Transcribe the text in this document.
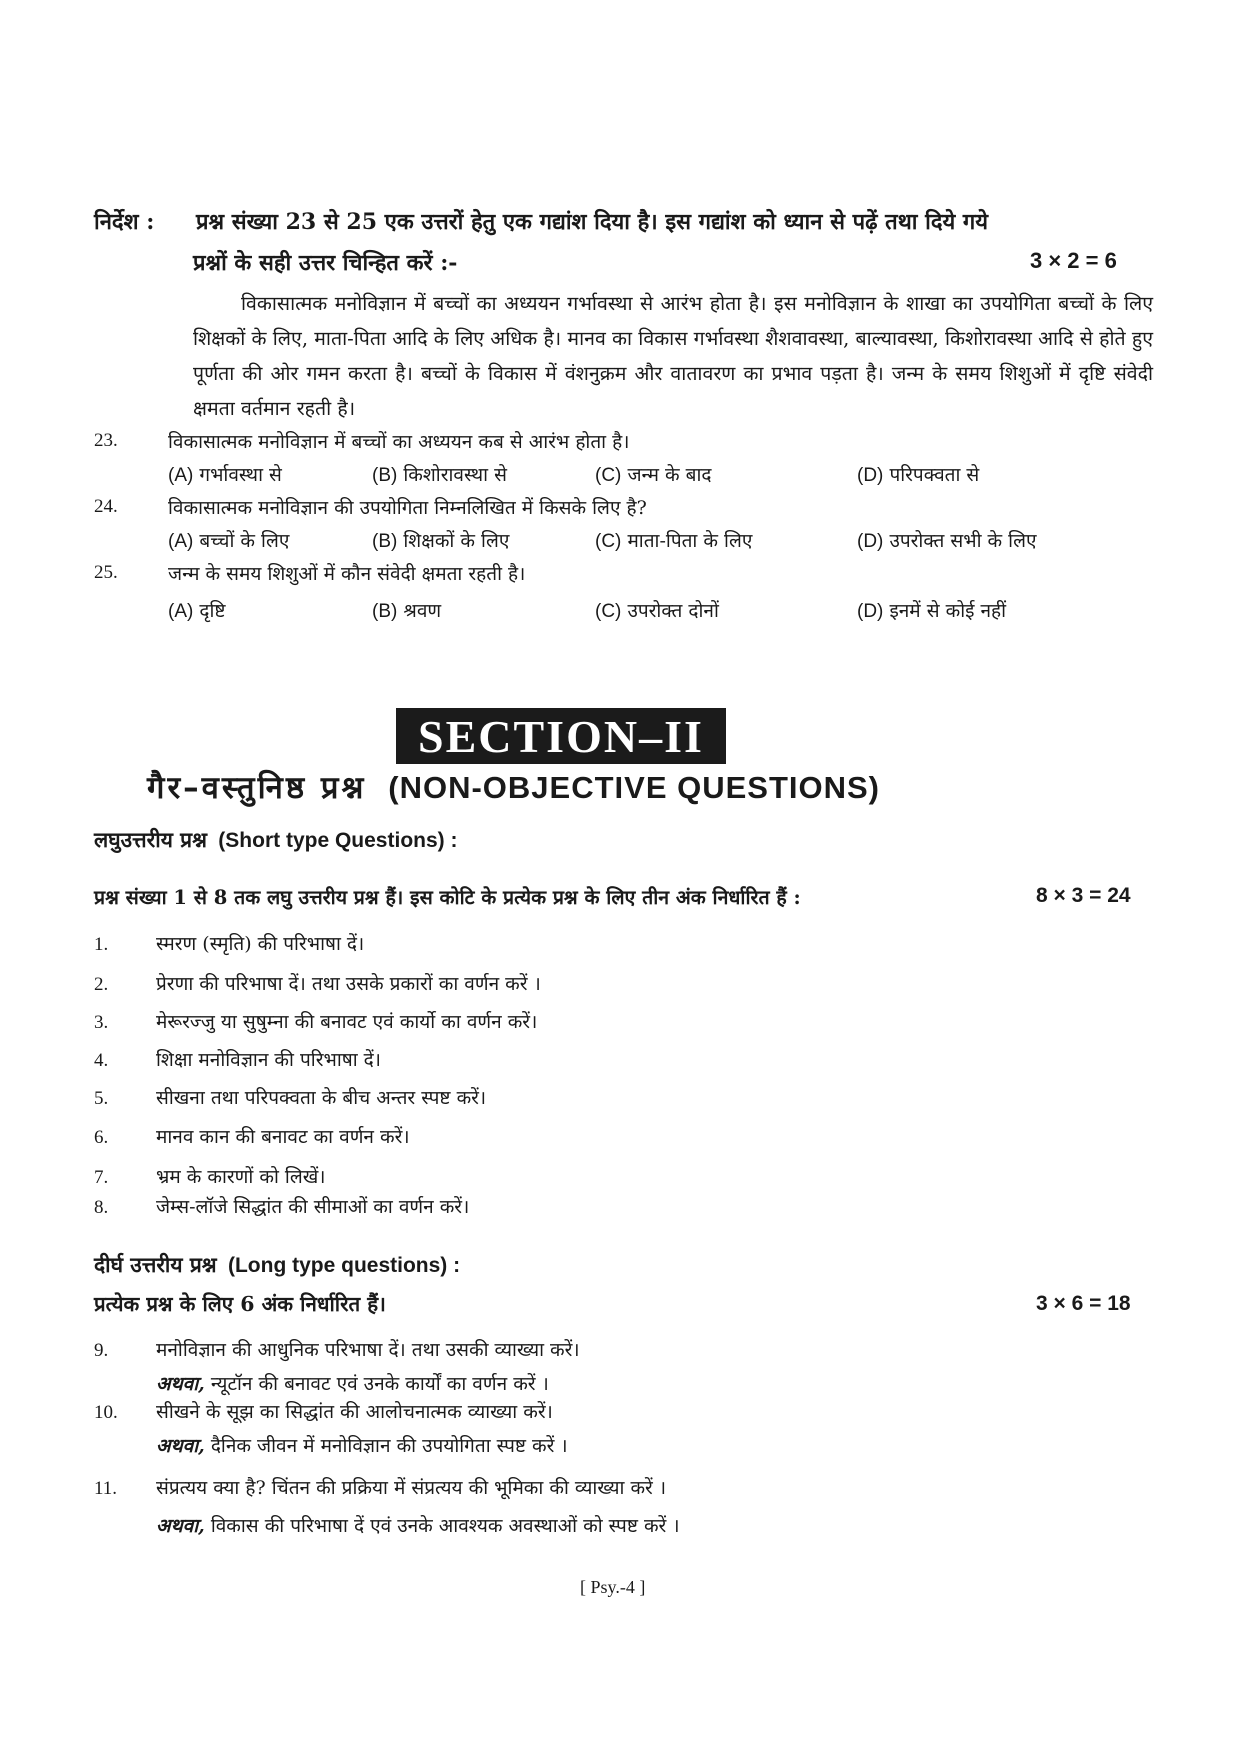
निर्देश : प्रश्न संख्या 23 से 25 एक उत्तरों हेतु एक गद्यांश दिया है। इस गद्यांश को ध्यान से पढ़ें तथा दिये गये
प्रश्नों के सही उत्तर चिन्हित करें :-	3 × 2 = 6
विकासात्मक मनोविज्ञान में बच्चों का अध्ययन गर्भावस्था से आरंभ होता है। इस मनोविज्ञान के शाखा का उपयोगिता बच्चों के लिए शिक्षकों के लिए, माता-पिता आदि के लिए अधिक है। मानव का विकास गर्भावस्था शैशवावस्था, बाल्यावस्था, किशोरावस्था आदि से होते हुए पूर्णता की ओर गमन करता है। बच्चों के विकास में वंशनुक्रम और वातावरण का प्रभाव पड़ता है। जन्म के समय शिशुओं में दृष्टि संवेदी क्षमता वर्तमान रहती है।
23.	विकासात्मक मनोविज्ञान में बच्चों का अध्ययन कब से आरंभ होता है।
(A) गर्भावस्था से	(B) किशोरावस्था से	(C) जन्म के बाद	(D) परिपक्वता से
24.	विकासात्मक मनोविज्ञान की उपयोगिता निम्नलिखित में किसके लिए है?
(A) बच्चों के लिए	(B) शिक्षकों के लिए	(C) माता-पिता के लिए	(D) उपरोक्त सभी के लिए
25.	जन्म के समय शिशुओं में कौन संवेदी क्षमता रहती है।
(A) दृष्टि	(B) श्रवण	(C) उपरोक्त दोनों	(D) इनमें से कोई नहीं
SECTION–II
गैर–वस्तुनिष्ठ प्रश्न (NON-OBJECTIVE QUESTIONS)
लघुउत्तरीय प्रश्न (Short type Questions) :
प्रश्न संख्या 1 से 8 तक लघु उत्तरीय प्रश्न हैं। इस कोटि के प्रत्येक प्रश्न के लिए तीन अंक निर्धारित हैं :	8 × 3 = 24
1.	स्मरण (स्मृति) की परिभाषा दें।
2.	प्रेरणा की परिभाषा दें। तथा उसके प्रकारों का वर्णन करें ।
3.	मेरूरज्जु या सुषुम्ना की बनावट एवं कार्यो का वर्णन करें।
4.	शिक्षा मनोविज्ञान की परिभाषा दें।
5.	सीखना तथा परिपक्वता के बीच अन्तर स्पष्ट करें।
6.	मानव कान की बनावट का वर्णन करें।
7.	भ्रम के कारणों को लिखें।
8.	जेम्स-लॉजे सिद्धांत की सीमाओं का वर्णन करें।
दीर्घ उत्तरीय प्रश्न (Long type questions) :
प्रत्येक प्रश्न के लिए 6 अंक निर्धारित हैं।	3 × 6 = 18
9.	मनोविज्ञान की आधुनिक परिभाषा दें। तथा उसकी व्याख्या करें।
अथवा, न्यूटॉन की बनावट एवं उनके कार्यों का वर्णन करें ।
10. सीखने के सूझ का सिद्धांत की आलोचनात्मक व्याख्या करें।
अथवा, दैनिक जीवन में मनोविज्ञान की उपयोगिता स्पष्ट करें ।
11. संप्रत्यय क्या है? चिंतन की प्रक्रिया में संप्रत्यय की भूमिका की व्याख्या करें ।
अथवा, विकास की परिभाषा दें एवं उनके आवश्यक अवस्थाओं को स्पष्ट करें ।
[ Psy.-4 ]
